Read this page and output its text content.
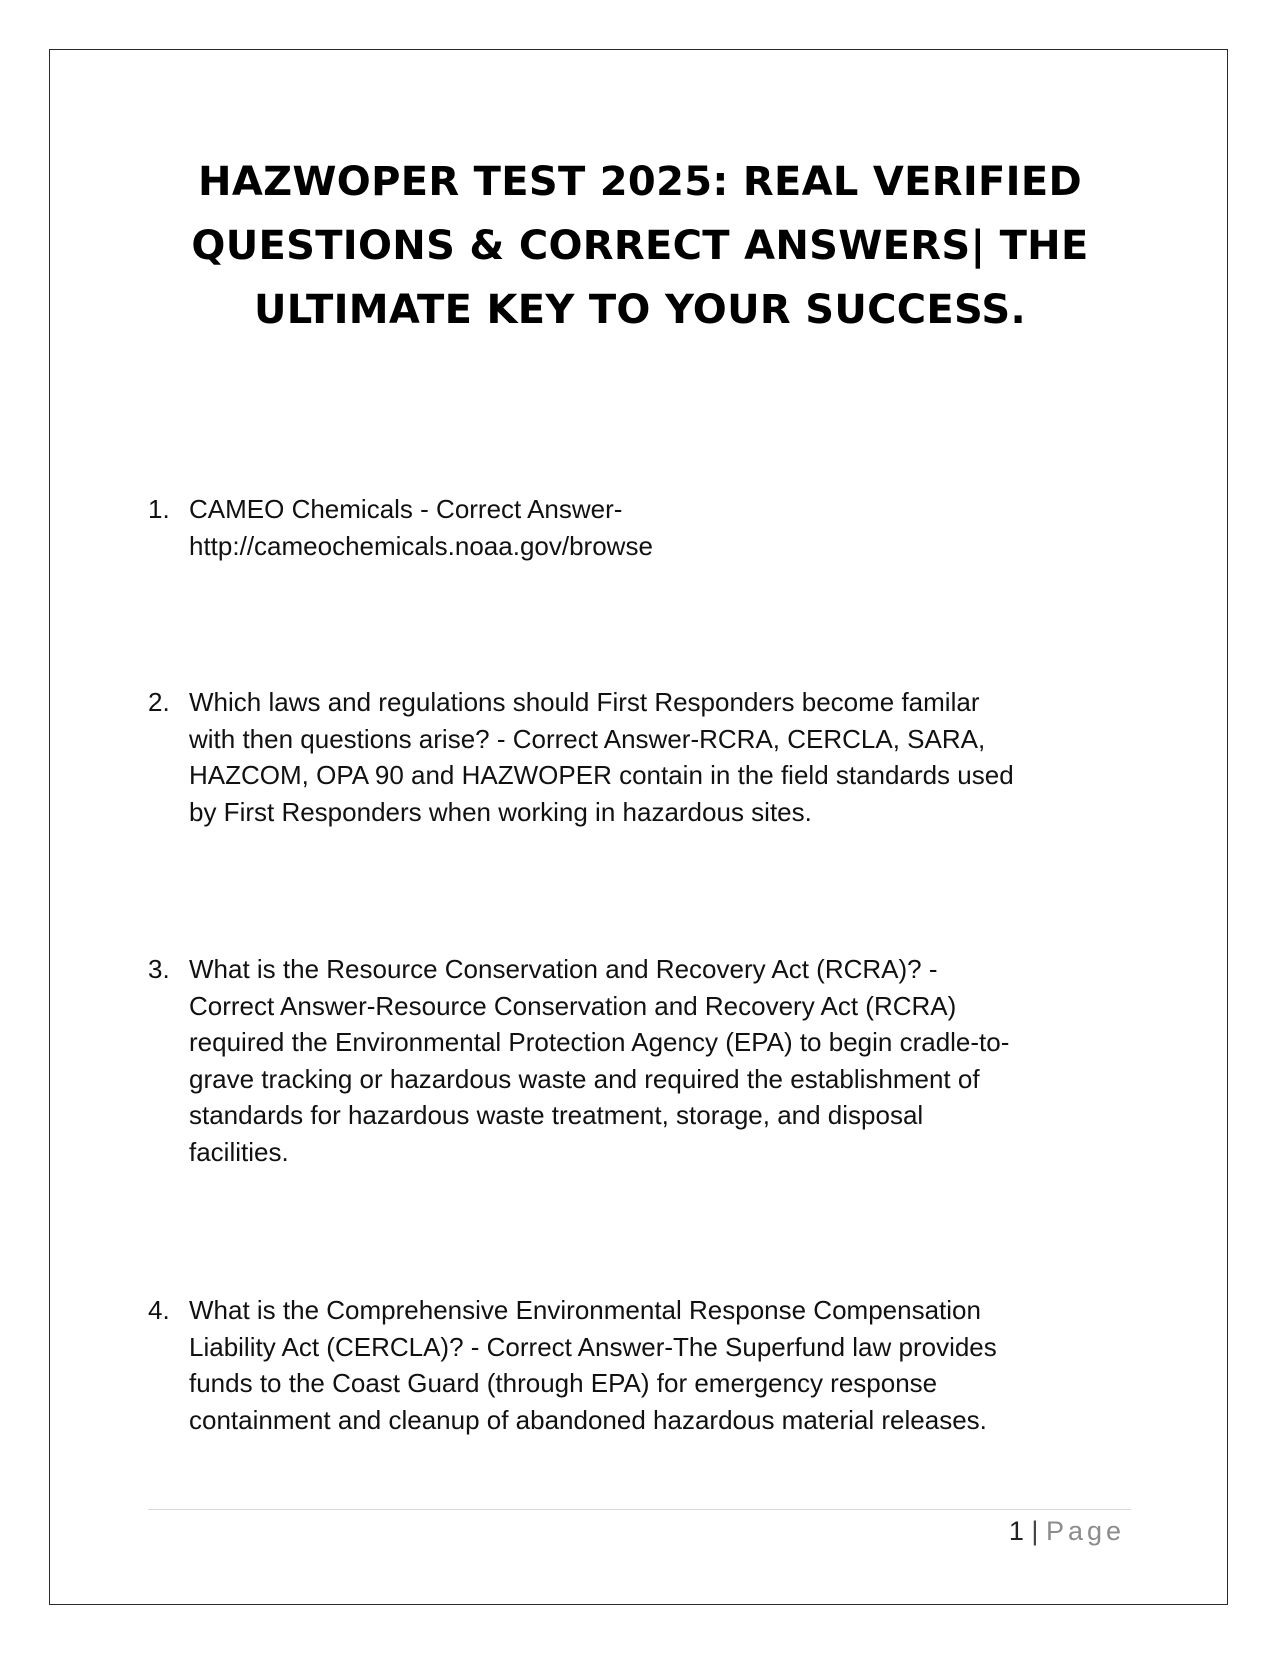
HAZWOPER TEST 2025: REAL VERIFIED
QUESTIONS & CORRECT ANSWERS| THE
ULTIMATE KEY TO YOUR SUCCESS.
1. CAMEO Chemicals - Correct Answer-
http://cameochemicals.noaa.gov/browse
2. Which laws and regulations should First Responders become familar
with then questions arise? - Correct Answer-RCRA, CERCLA, SARA,
HAZCOM, OPA 90 and HAZWOPER contain in the field standards used
by First Responders when working in hazardous sites.
3. What is the Resource Conservation and Recovery Act (RCRA)? -
Correct Answer-Resource Conservation and Recovery Act (RCRA)
required the Environmental Protection Agency (EPA) to begin cradle-to-
grave tracking or hazardous waste and required the establishment of
standards for hazardous waste treatment, storage, and disposal
facilities.
4. What is the Comprehensive Environmental Response Compensation
Liability Act (CERCLA)? - Correct Answer-The Superfund law provides
funds to the Coast Guard (through EPA) for emergency response
containment and cleanup of abandoned hazardous material releases.
1 | Page
